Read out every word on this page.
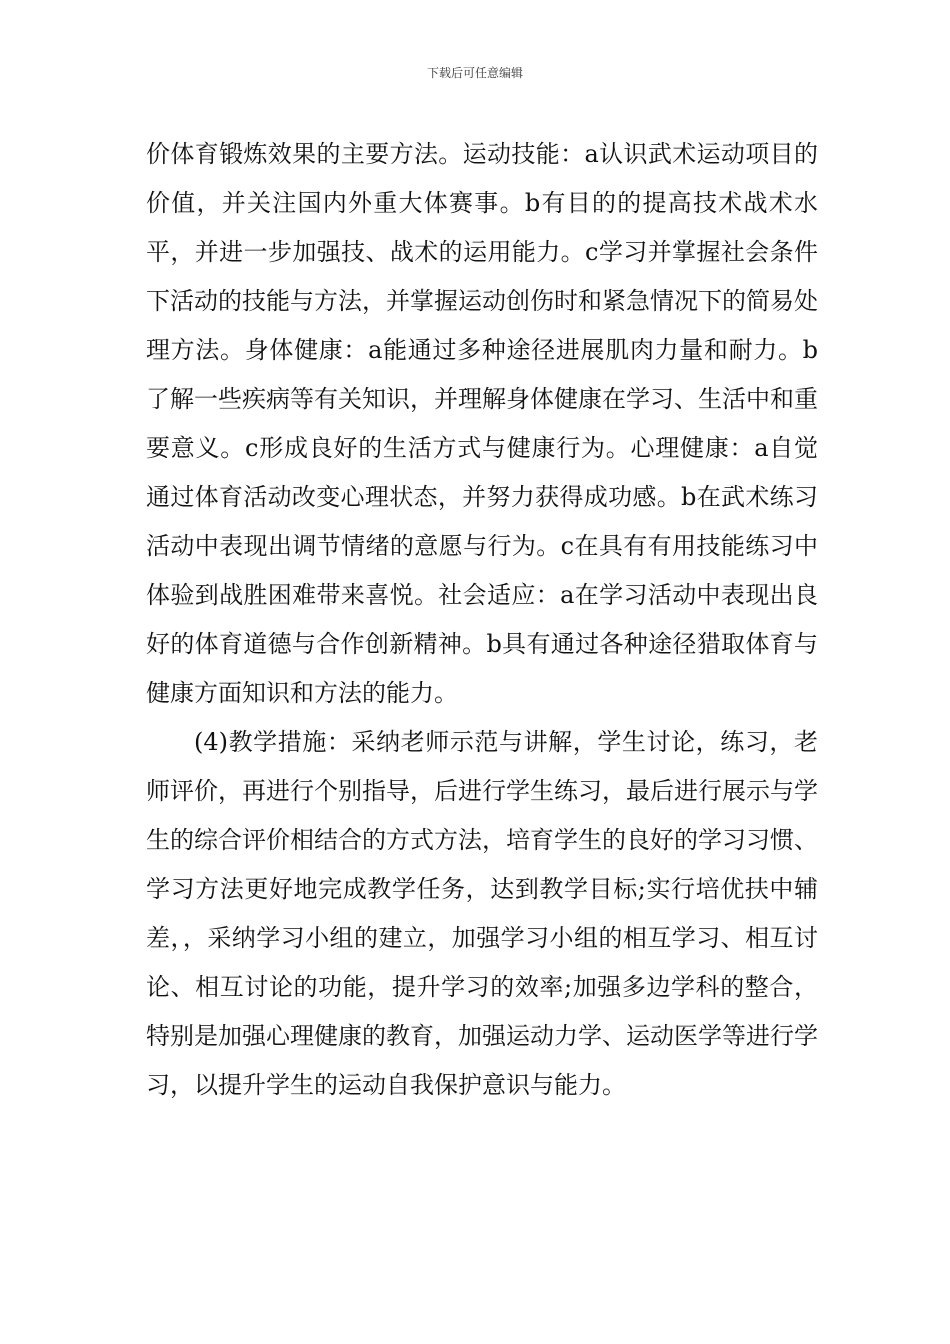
下载后可任意编辑

价体育锻炼效果的主要方法。运动技能：a认识武术运动项目的价值，并关注国内外重大体赛事。b有目的的提高技术战术水平，并进一步加强技、战术的运用能力。c学习并掌握社会条件下活动的技能与方法，并掌握运动创伤时和紧急情况下的简易处理方法。身体健康：a能通过多种途径进展肌肉力量和耐力。b了解一些疾病等有关知识，并理解身体健康在学习、生活中和重要意义。c形成良好的生活方式与健康行为。心理健康：a自觉通过体育活动改变心理状态，并努力获得成功感。b在武术练习活动中表现出调节情绪的意愿与行为。c在具有有用技能练习中体验到战胜困难带来喜悦。社会适应：a在学习活动中表现出良好的体育道德与合作创新精神。b具有通过各种途径猎取体育与健康方面知识和方法的能力。

(4)教学措施：采纳老师示范与讲解，学生讨论，练习，老师评价，再进行个别指导，后进行学生练习，最后进行展示与学生的综合评价相结合的方式方法，培育学生的良好的学习习惯、学习方法更好地完成教学任务，达到教学目标;实行培优扶中辅差，，采纳学习小组的建立，加强学习小组的相互学习、相互讨论、相互讨论的功能，提升学习的效率;加强多边学科的整合，特别是加强心理健康的教育，加强运动力学、运动医学等进行学习，以提升学生的运动自我保护意识与能力。
